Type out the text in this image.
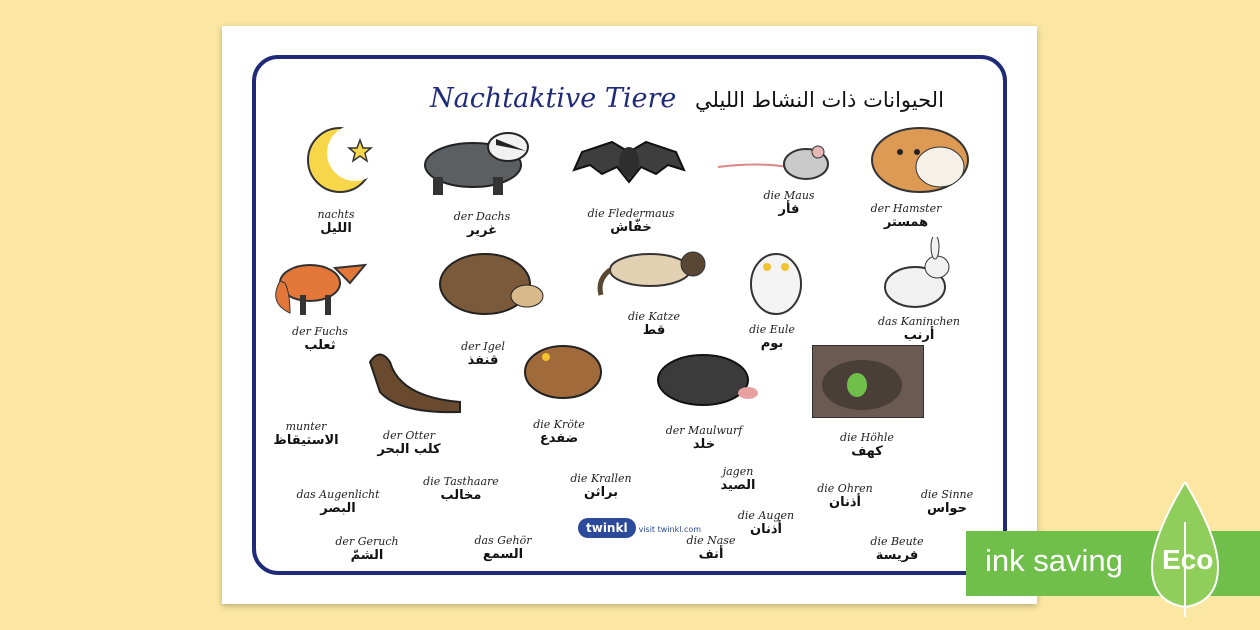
Nachtaktive Tiere الحيوانات ذات النشاط الليلي
nachts
الليل
der Dachs
غرير
die Fledermaus
خفّاش
die Maus
فأر	der Hamster
همستر
der Fuchs
ثعلب	der Igel
قنفذ
die Katze
قط	die Eule
بوم
das Kaninchen
أرنب
munter
الاستيقاظ	der Otter
كلب البحر
die Kröte
ضفدع
der Maulwurf
خلد	die Höhle
كهف
das Augenlicht
البصر
die Tasthaare
مخالب
die Krallen
براثن
jagen
الصيد	die Ohren
أذنان
die Sinne
حواس
die Augen
أذنان
der Geruch
الشمّ
das Gehör
السمع
die Nase
أنف
die Beute
فريسة
twinkl visit twinkl.com
ink saving Eco
